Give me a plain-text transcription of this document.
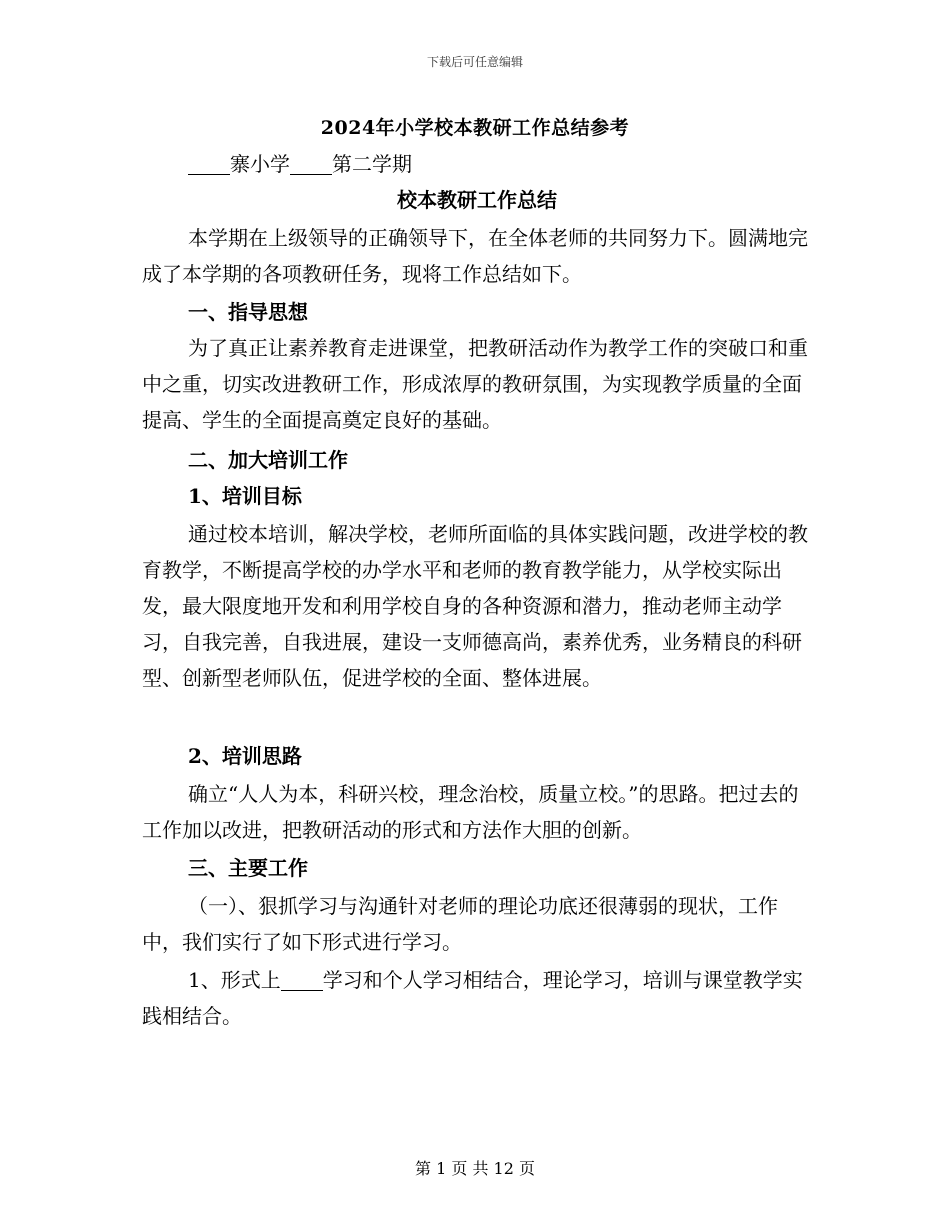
下载后可任意编辑
2024年小学校本教研工作总结参考

寨小学 第二学期

校本教研工作总结

本学期在上级领导的正确领导下，在全体老师的共同努力下。圆满地完成了本学期的各项教研任务，现将工作总结如下。

一、指导思想

为了真正让素养教育走进课堂，把教研活动作为教学工作的突破口和重中之重，切实改进教研工作，形成浓厚的教研氛围，为实现教学质量的全面提高、学生的全面提高奠定良好的基础。

二、加大培训工作

1、培训目标

通过校本培训，解决学校，老师所面临的具体实践问题，改进学校的教育教学，不断提高学校的办学水平和老师的教育教学能力，从学校实际出发，最大限度地开发和利用学校自身的各种资源和潜力，推动老师主动学习，自我完善，自我进展，建设一支师德高尚，素养优秀，业务精良的科研型、创新型老师队伍，促进学校的全面、整体进展。

2、培训思路

确立“人人为本，科研兴校，理念治校，质量立校。”的思路。把过去的工作加以改进，把教研活动的形式和方法作大胆的创新。

三、主要工作

（一）、狠抓学习与沟通针对老师的理论功底还很薄弱的现状，工作中，我们实行了如下形式进行学习。

1、形式上 学习和个人学习相结合，理论学习，培训与课堂教学实践相结合。

第 1 页 共 12 页
